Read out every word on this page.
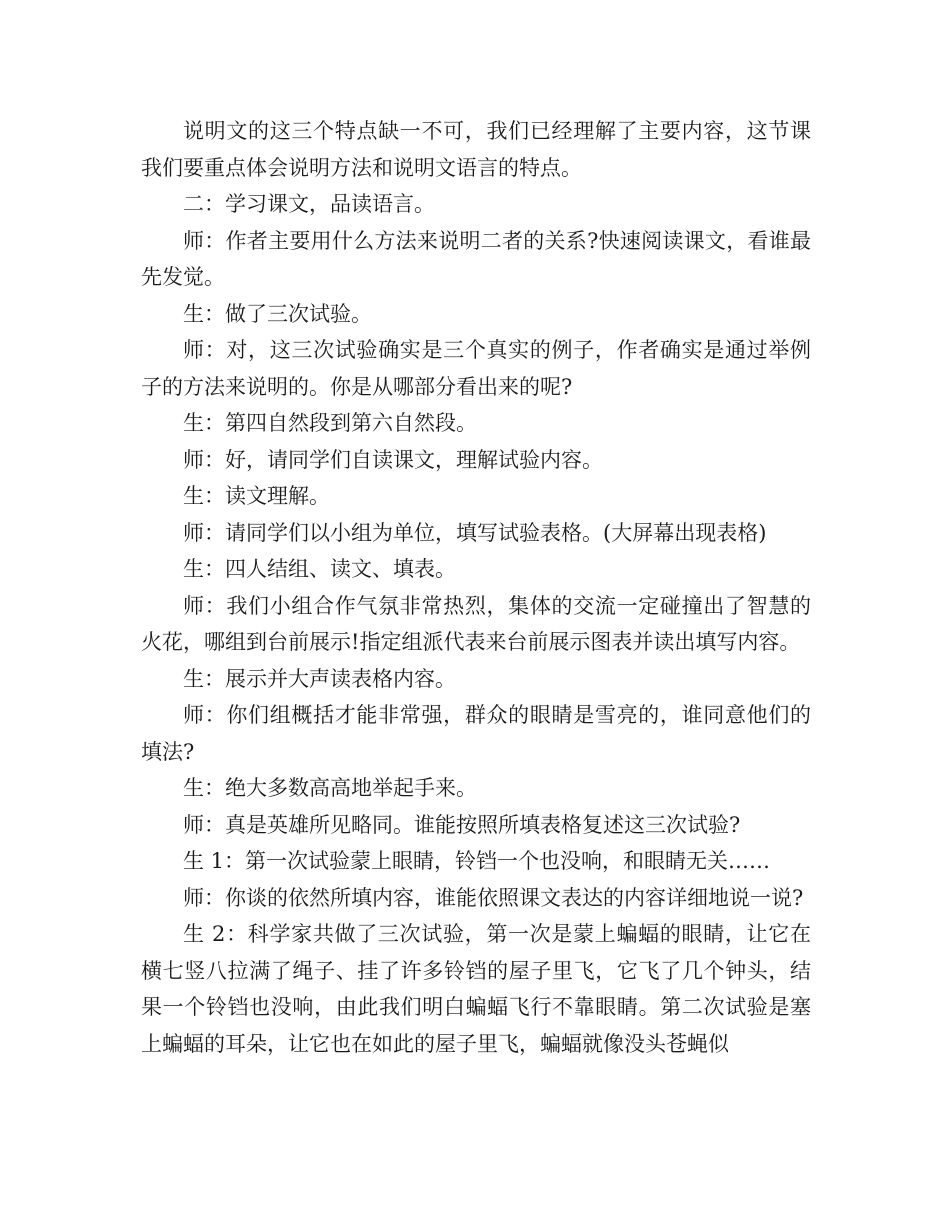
说明文的这三个特点缺一不可，我们已经理解了主要内容，这节课我们要重点体会说明方法和说明文语言的特点。

二：学习课文，品读语言。

师：作者主要用什么方法来说明二者的关系?快速阅读课文，看谁最先发觉。

生：做了三次试验。

师：对，这三次试验确实是三个真实的例子，作者确实是通过举例子的方法来说明的。你是从哪部分看出来的呢?

生：第四自然段到第六自然段。

师：好，请同学们自读课文，理解试验内容。

生：读文理解。

师：请同学们以小组为单位，填写试验表格。(大屏幕出现表格)

生：四人结组、读文、填表。

师：我们小组合作气氛非常热烈，集体的交流一定碰撞出了智慧的火花，哪组到台前展示!指定组派代表来台前展示图表并读出填写内容。

生：展示并大声读表格内容。

师：你们组概括才能非常强，群众的眼睛是雪亮的，谁同意他们的填法?

生：绝大多数高高地举起手来。

师：真是英雄所见略同。谁能按照所填表格复述这三次试验?

生 1：第一次试验蒙上眼睛，铃铛一个也没响，和眼睛无关……

师：你谈的依然所填内容，谁能依照课文表达的内容详细地说一说?

生 2：科学家共做了三次试验，第一次是蒙上蝙蝠的眼睛，让它在横七竖八拉满了绳子、挂了许多铃铛的屋子里飞，它飞了几个钟头，结果一个铃铛也没响，由此我们明白蝙蝠飞行不靠眼睛。第二次试验是塞上蝙蝠的耳朵，让它也在如此的屋子里飞，蝙蝠就像没头苍蝇似
